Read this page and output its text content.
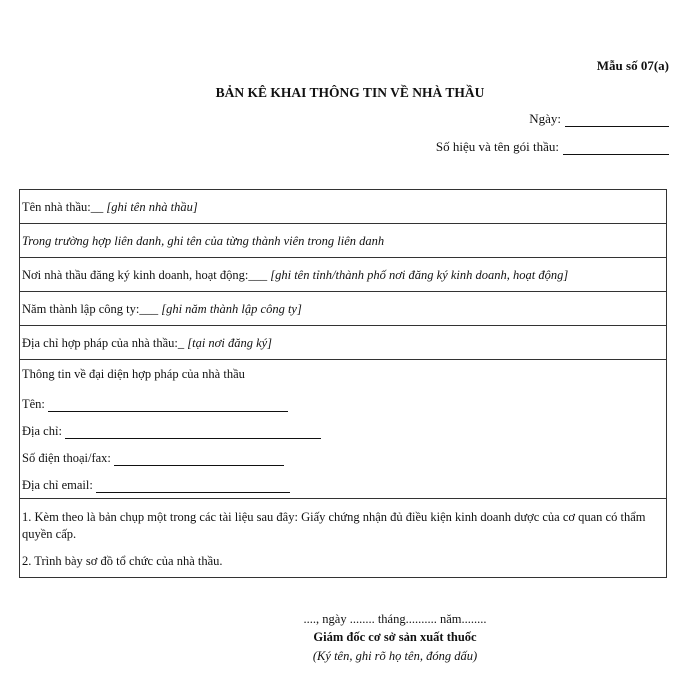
Mẫu số 07(a)
BẢN KÊ KHAI THÔNG TIN VỀ NHÀ THẦU
Ngày:
Số hiệu và tên gói thầu:
Tên nhà thầu:__ [ghi tên nhà thầu]
Trong trường hợp liên danh, ghi tên của từng thành viên trong liên danh
Nơi nhà thầu đăng ký kinh doanh, hoạt động:___ [ghi tên tỉnh/thành phố nơi đăng ký kinh doanh, hoạt động]
Năm thành lập công ty:___ [ghi năm thành lập công ty]
Địa chỉ hợp pháp của nhà thầu:_ [tại nơi đăng ký]
Thông tin về đại diện hợp pháp của nhà thầu
Tên:
Địa chỉ:
Số điện thoại/fax:
Địa chỉ email:

1. Kèm theo là bản chụp một trong các tài liệu sau đây: Giấy chứng nhận đủ điều kiện kinh doanh dược của cơ quan có thẩm quyền cấp.

2. Trình bày sơ đồ tổ chức của nhà thầu.

...., ngày ........ tháng.......... năm........
Giám đốc cơ sở sản xuất thuốc
(Ký tên, ghi rõ họ tên, đóng dấu)
